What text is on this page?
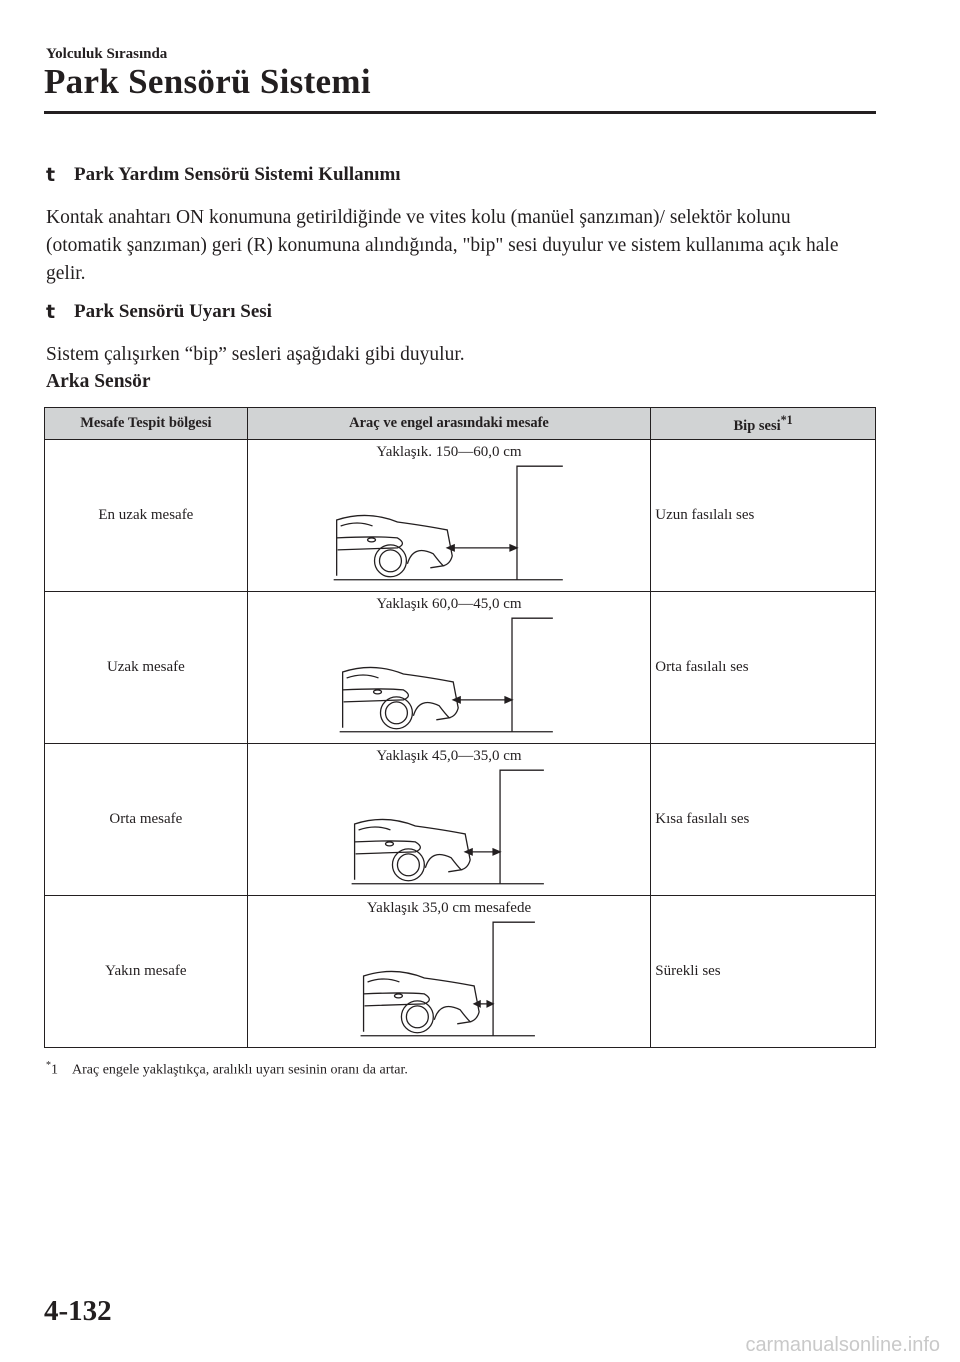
Yolculuk Sırasında
Park Sensörü Sistemi
t Park Yardım Sensörü Sistemi Kullanımı
Kontak anahtarı ON konumuna getirildiğinde ve vites kolu (manüel şanzıman)/ selektör kolunu (otomatik şanzıman) geri (R) konumuna alındığında, "bip" sesi duyulur ve sistem kullanıma açık hale gelir.
t Park Sensörü Uyarı Sesi
Sistem çalışırken “bip” sesleri aşağıdaki gibi duyulur.
Arka Sensör
Mesafe Tespit bölgesi	Araç ve engel arasındaki mesafe	Bip sesi$^{*1}$
En uzak mesafe	Yaklaşık. 150—60,0 cm	Uzun fasılalı ses
Uzak mesafe	Yaklaşık 60,0—45,0 cm	Orta fasılalı ses
Orta mesafe	Yaklaşık 45,0—35,0 cm	Kısa fasılalı ses
Yakın mesafe	Yaklaşık 35,0 cm mesafede	Sürekli ses
*1 Araç engele yaklaştıkça, aralıklı uyarı sesinin oranı da artar.
4-132
carmanualsonline.info
